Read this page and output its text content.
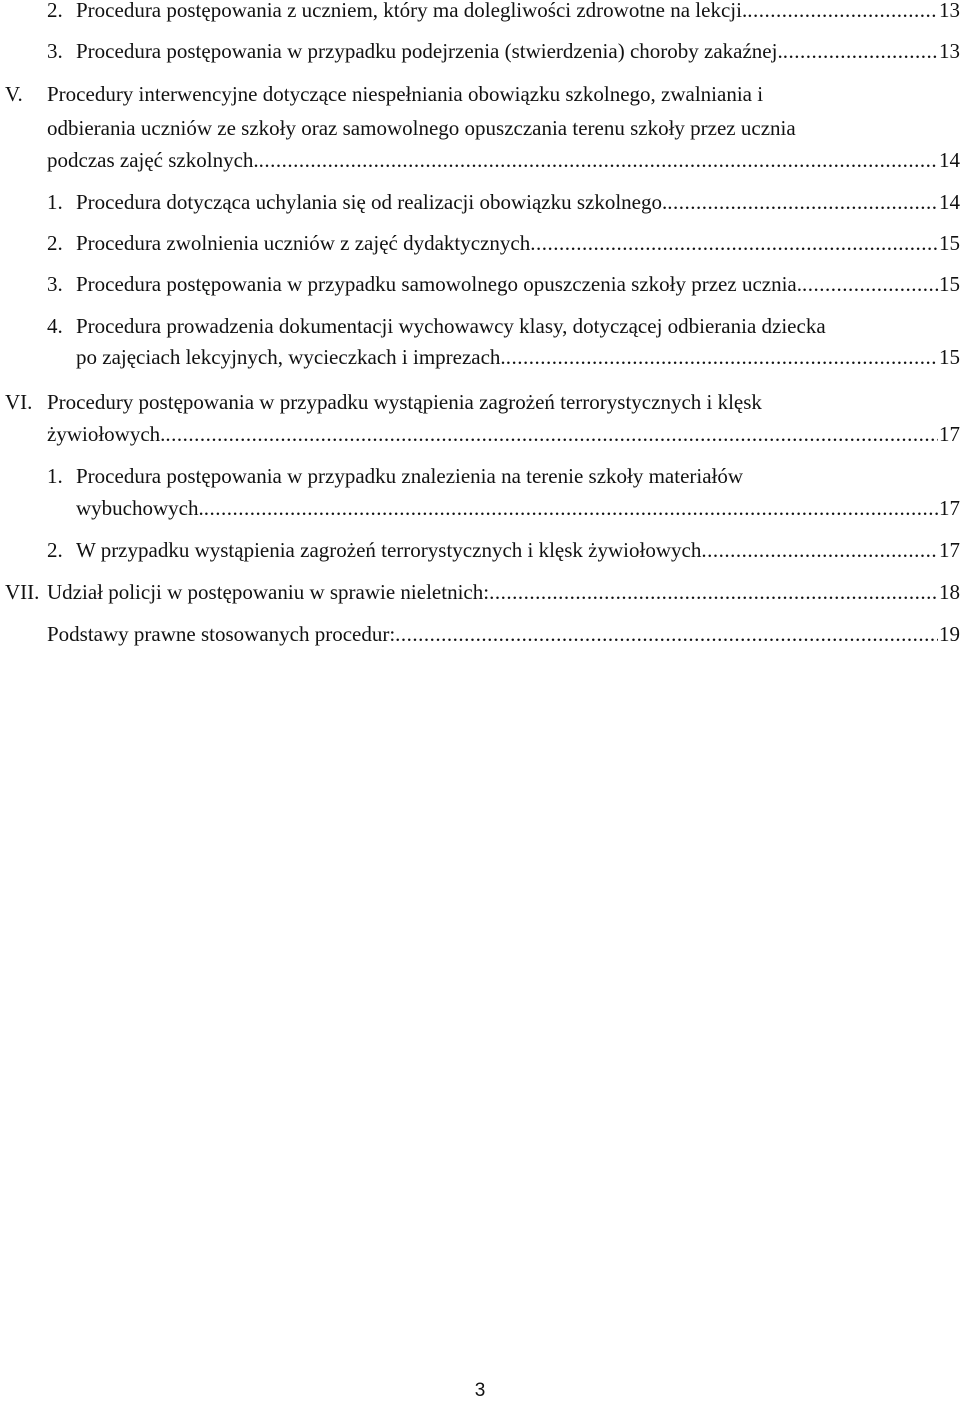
2. Procedura postępowania z uczniem, który ma dolegliwości zdrowotne na lekcji. .....	13
3. Procedura postępowania w przypadku podejrzenia (stwierdzenia) choroby zakaźnej. .....	13
V. Procedury interwencyjne dotyczące niespełniania obowiązku szkolnego, zwalniania i
odbierania uczniów ze szkoły oraz samowolnego opuszczania terenu szkoły przez ucznia
podczas zajęć szkolnych. .....	14
1. Procedura dotycząca uchylania się od realizacji obowiązku szkolnego. .....	14
2. Procedura zwolnienia uczniów z zajęć dydaktycznych .....	15
3. Procedura postępowania w przypadku samowolnego opuszczenia szkoły przez ucznia. .....	15
4. Procedura prowadzenia dokumentacji wychowawcy klasy, dotyczącej odbierania dziecka
po zajęciach lekcyjnych, wycieczkach i imprezach. .....	15
VI. Procedury postępowania w przypadku wystąpienia zagrożeń terrorystycznych i klęsk
żywiołowych. .....	17
1. Procedura postępowania w przypadku znalezienia na terenie szkoły materiałów
wybuchowych. .....	17
2. W przypadku wystąpienia zagrożeń terrorystycznych i klęsk żywiołowych .....	17
VII. Udział policji w postępowaniu w sprawie nieletnich: .....	18
Podstawy prawne stosowanych procedur: .....	19
3
